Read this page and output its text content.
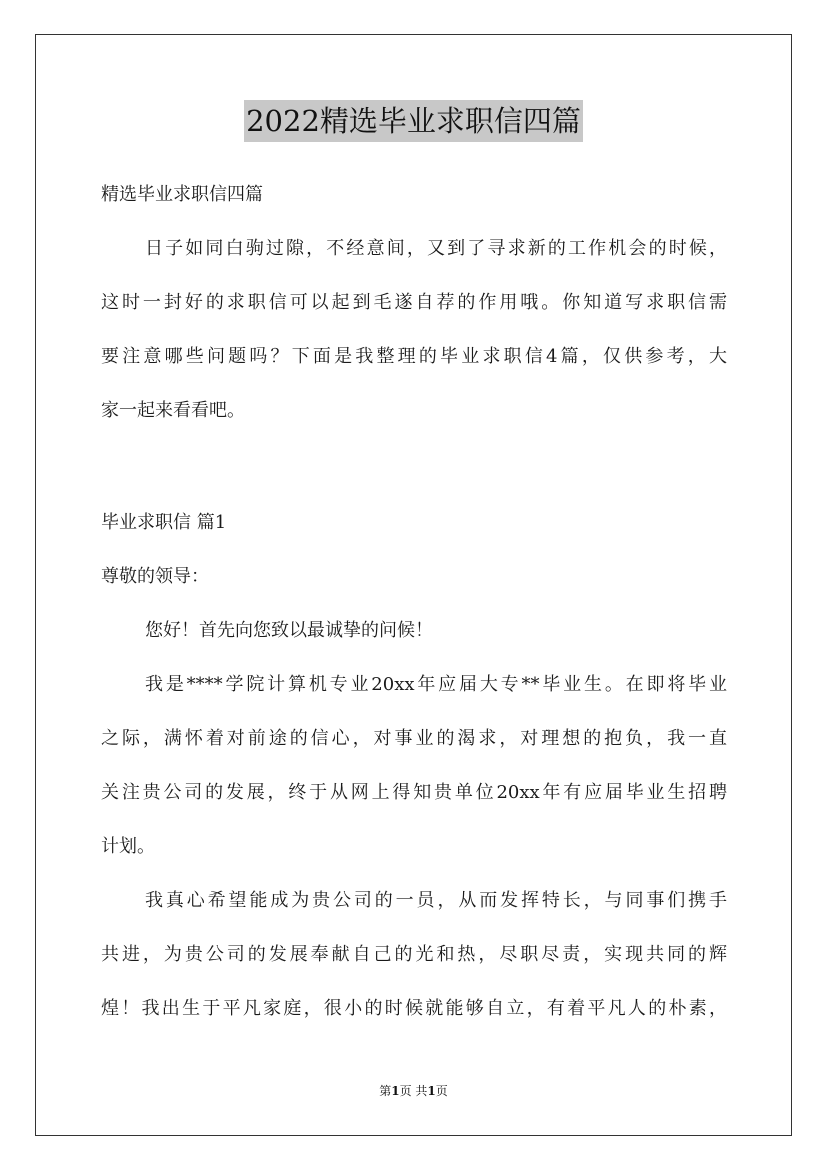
2022精选毕业求职信四篇
精选毕业求职信四篇
日子如同白驹过隙，不经意间，又到了寻求新的工作机会的时候，
这时一封好的求职信可以起到毛遂自荐的作用哦。你知道写求职信需
要注意哪些问题吗？下面是我整理的毕业求职信4篇，仅供参考，大
家一起来看看吧。
毕业求职信 篇1
尊敬的领导：
您好！首先向您致以最诚挚的问候！
我是****学院计算机专业20xx年应届大专**毕业生。在即将毕业
之际，满怀着对前途的信心，对事业的渴求，对理想的抱负，我一直
关注贵公司的发展，终于从网上得知贵单位20xx年有应届毕业生招聘
计划。
我真心希望能成为贵公司的一员，从而发挥特长，与同事们携手
共进，为贵公司的发展奉献自己的光和热，尽职尽责，实现共同的辉
煌！我出生于平凡家庭，很小的时候就能够自立，有着平凡人的朴素，
第1页 共1页
